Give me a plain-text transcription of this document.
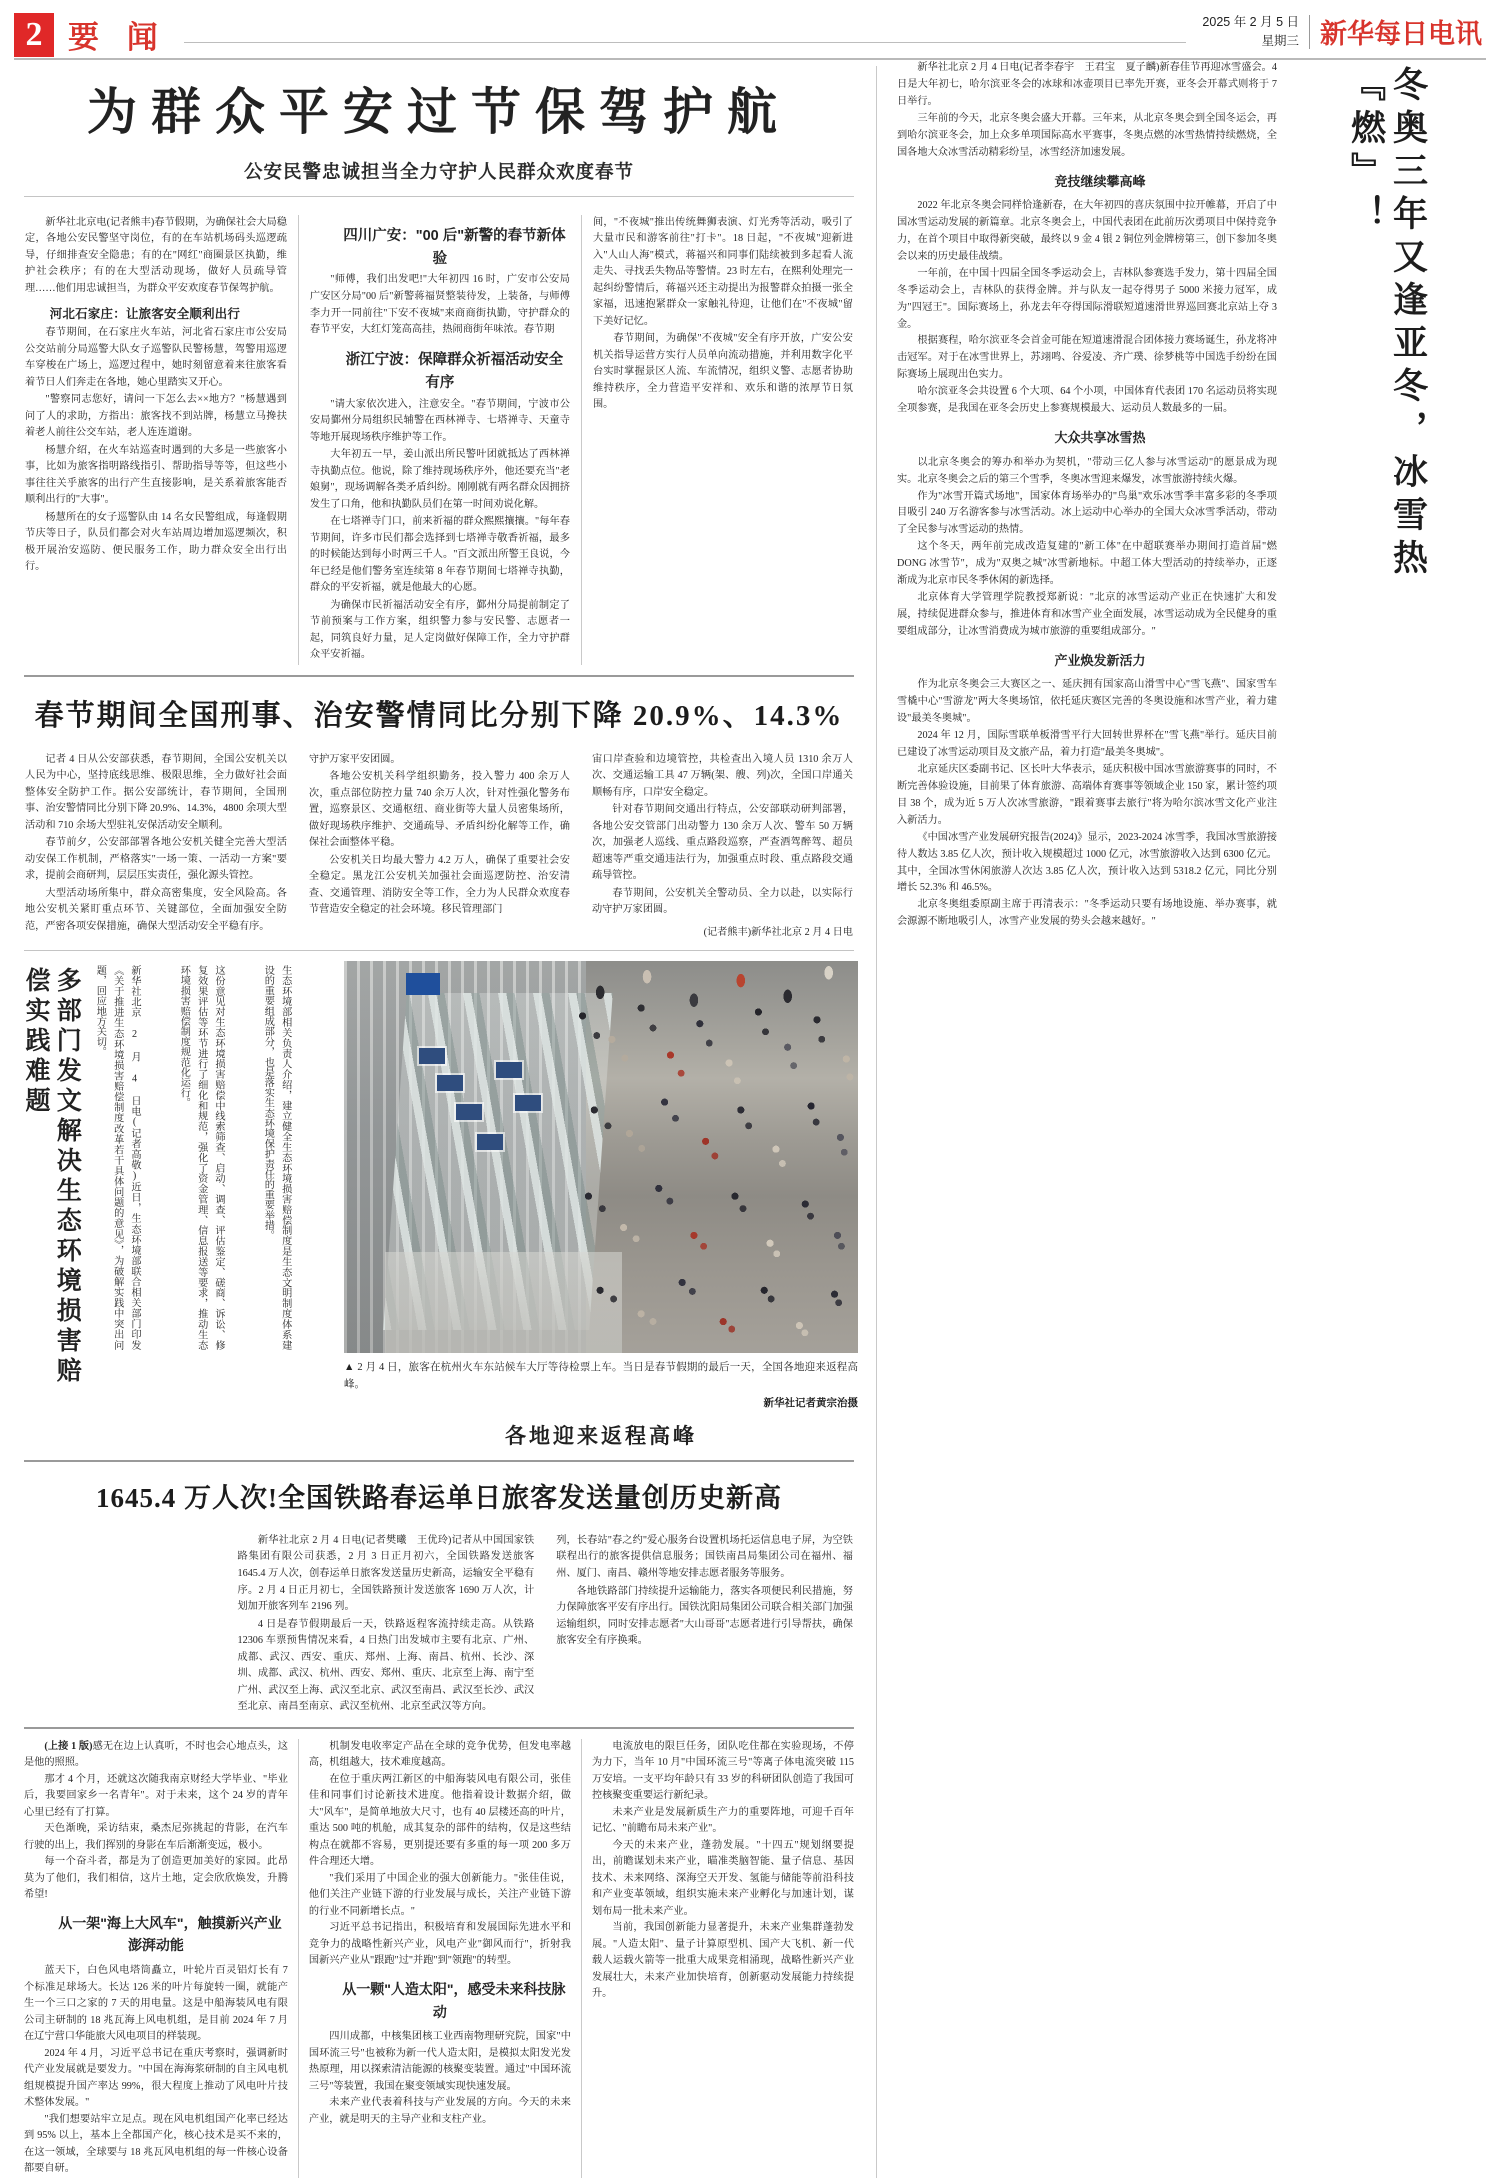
2 要 闻	2025 年 2 月 5 日
星期三 新华每日电讯
为群众平安过节保驾护航
公安民警忠诚担当全力守护人民群众欢度春节

新华社北京电(记者熊丰)春节假期，为确保社会大局稳定，各地公安民警坚守岗位，有的在车站机场码头巡逻疏导，仔细排查安全隐患；有的在"网红"商圈景区执勤，维护社会秩序；有的在大型活动现场，做好人员疏导管理……他们用忠诚担当，为群众平安欢度春节保驾护航。

河北石家庄：让旅客安全顺利出行

春节期间，在石家庄火车站，河北省石家庄市公安局公交站前分局巡警大队女子巡警队民警杨慧，驾警用巡逻车穿梭在广场上，巡逻过程中，她时刻留意着来往旅客看着节日人们奔走在各地，她心里踏实又开心。

"警察同志您好，请问一下怎么去××地方？"杨慧遇到问了人的求助，方指出：旅客找不到站牌，杨慧立马搀扶着老人前往公交车站，老人连连道谢。

杨慧介绍，在火车站巡查时遇到的大多是一些旅客小事，比如为旅客指明路线指引、帮助指导等等，但这些小事往往关乎旅客的出行产生直接影响，是关系着旅客能否顺利出行的"大事"。

杨慧所在的女子巡警队由 14 名女民警组成，每逢假期节庆等日子，队员们都会对火车站周边增加巡逻频次，积极开展治安巡防、便民服务工作，助力群众安全出行出行。

四川广安："00 后"新警的春节新体验

"师傅，我们出发吧!"大年初四 16 时，广安市公安局广安区分局"00 后"新警蒋福贤整装待发，上装备，与师傅李力开一同前往"下安不夜城"来商商街执勤，守护群众的春节平安，大红灯笼高高挂，热闹商街年味浓。春节期

浙江宁波：保障群众祈福活动安全有序

"请大家依次进入，注意安全。"春节期间，宁波市公安局鄞州分局组织民辅警在西林禅寺、七塔禅寺、天童寺等地开展现场秩序维护等工作。

大年初五一早，姜山派出所民警叶团就抵达了西林禅寺执勤点位。他说，除了维持现场秩序外，他还要充当"老娘舅"，现场调解各类矛盾纠纷。刚刚就有两名群众因拥挤发生了口角，他和执勤队员们在第一时间劝说化解。

在七塔禅寺门口，前来祈福的群众熙熙攘攘。"每年春节期间，许多市民们都会选择到七塔禅寺敬香祈福，最多的时候能达到每小时两三千人。"百文派出所警王良说，今年已经是他们警务室连续第 8 年春节期间七塔禅寺执勤，群众的平安祈福，就是他最大的心愿。

为确保市民祈福活动安全有序，鄞州分局提前制定了节前预案与工作方案，组织警力参与安民警、志愿者一起，同筑良好力量，足人定岗做好保障工作，全力守护群众平安祈福。

间，"不夜城"推出传统舞狮表演、灯光秀等活动，吸引了大量市民和游客前往"打卡"。18 日起，"不夜城"迎新进入"人山人海"模式，蒋福兴和同事们陆续被到多起看人流走失、寻找丢失物品等警情。23 时左右，在熙利处理完一起纠纷警情后，蒋福兴还主动提出为报警群众拍摄一张全家福，迅速抱紧群众一家触礼待迎，让他们在"不夜城"留下美好记忆。

春节期间，为确保"不夜城"安全有序开放，广安公安机关指导运营方实行人员单向流动措施，并利用数字化平台实时掌握景区人流、车流情况，组织义警、志愿者协助维持秩序，全力营造平安祥和、欢乐和谐的浓厚节日氛围。

春节期间全国刑事、治安警情同比分别下降 20.9%、14.3%

记者 4 日从公安部获悉，春节期间，全国公安机关以人民为中心，坚持底线思维、极限思维，全力做好社会面整体安全防护工作。据公安部统计，春节期间，全国刑事、治安警情同比分别下降 20.9%、14.3%，4800 余项大型活动和 710 余场大型驻礼安保活动安全顺利。

春节前夕，公安部部署各地公安机关健全完善大型活动安保工作机制，严格落实"一场一策、一活动一方案"要求，提前会商研判，层层压实责任，强化源头管控。

大型活动场所集中，群众高密集度，安全风险高。各地公安机关紧盯重点环节、关键部位，全面加强安全防范，严密各项安保措施，确保大型活动安全平稳有序。

守护万家平安团圆。

各地公安机关科学组织勤务，投入警力 400 余万人次，重点部位防控力量 740 余万人次，针对性强化警务布置，巡察景区、交通枢纽、商业街等大量人员密集场所，做好现场秩序维护、交通疏导、矛盾纠纷化解等工作，确保社会面整体平稳。

公安机关日均最大警力 4.2 万人，确保了重要社会安全稳定。黑龙江公安机关加强社会面巡逻防控、治安清查、交通管理、消防安全等工作，全力为人民群众欢度春节营造安全稳定的社会环境。移民管理部门

宙口岸查验和边境管控，共检查出入境人员 1310 余万人次、交通运输工具 47 万辆(架、艘、列)次，全国口岸通关顺畅有序，口岸安全稳定。

针对春节期间交通出行特点，公安部联动研判部署，各地公安交管部门出动警力 130 余万人次、警车 50 万辆次，加强老人巡线、重点路段巡察，严查酒驾醉驾、超员超速等严重交通违法行为，加强重点时段、重点路段交通疏导管控。

春节期间，公安机关全警动员、全力以赴，以实际行动守护万家团圆。

(记者熊丰)新华社北京 2 月 4 日电

多部门发文解决生态环境损害赔偿实践难题	新华社北京 2 月 4 日电(记者高敬)近日，生态环境部联合相关部门印发《关于推进生态环境损害赔偿制度改革若干具体问题的意见》，为破解实践中突出问题，回应地方关切。	这份意见对生态环境损害赔偿中线索筛查、启动、调查、评估鉴定、磋商、诉讼、修复效果评估等环节进行了细化和规范，强化了资金管理、信息报送等要求，推动生态环境损害赔偿制度规范化运行。	生态环境部相关负责人介绍，建立健全生态环境损害赔偿制度是生态文明制度体系建设的重要组成部分，也是落实生态环境保护责任的重要举措。
▲ 2 月 4 日，旅客在杭州火车东站候车大厅等待检票上车。当日是春节假期的最后一天，全国各地迎来返程高峰。
新华社记者黄宗治摄
各地迎来返程高峰
1645.4 万人次!全国铁路春运单日旅客发送量创历史新高

新华社北京 2 月 4 日电(记者樊曦　王优玲)记者从中国国家铁路集团有限公司获悉，2 月 3 日正月初六，全国铁路发送旅客 1645.4 万人次，创春运单日旅客发送量历史新高，运输安全平稳有序。2 月 4 日正月初七，全国铁路预计发送旅客 1690 万人次，计划加开旅客列车 2196 列。

4 日是春节假期最后一天，铁路返程客流持续走高。从铁路 12306 车票预售情况来看，4 日热门出发城市主要有北京、广州、成都、武汉、西安、重庆、郑州、上海、南昌、杭州、长沙、深圳、成都、武汉、杭州、西安、郑州、重庆、北京至上海、南宁至广州、武汉至上海、武汉至北京、武汉至南昌、武汉至长沙、武汉至北京、南昌至南京、武汉至杭州、北京至武汉等方向。

列，长春站"春之约"爱心服务台设置机场托运信息电子屏，为空铁联程出行的旅客提供信息服务；国铁南昌局集团公司在福州、福州、厦门、南昌、赣州等地安排志愿者服务等服务。

各地铁路部门持续提升运输能力，落实各项便民利民措施，努力保障旅客平安有序出行。国铁沈阳局集团公司联合相关部门加强运输组织，同时安排志愿者"大山哥哥"志愿者进行引导帮扶，确保旅客安全有序换乘。

(上接 1 版)感无在边上认真听，不时也会心地点头，这是他的照照。

那才 4 个月，还就这次随我南京财经大学毕业、"毕业后，我要回家乡一名青年"。对于未来，这个 24 岁的青年心里已经有了打算。

天色渐晚，采访结束，桑杰尼弥挑起的背影，在汽车行驶的出上，我们挥别的身影在车后渐渐变远，极小。

每一个奋斗者，都是为了创造更加美好的家园。此昂莫为了他们，我们相信，这片土地，定会欣欣焕发，升腾希望!

从一架"海上大风车"，触摸新兴产业澎湃动能

蓝天下，白色风电塔筒矗立，叶轮片百灵铝灯长有 7 个标准足球场大。长达 126 米的叶片每旋转一圈，就能产生一个三口之家的 7 天的用电量。这是中船海装风电有限公司主研制的 18 兆瓦海上风电机组，是目前 2024 年 7 月在辽宁营口华能旅大风电项目的样装现。

2024 年 4 月，习近平总书记在重庆考察时，强调新时代产业发展就是要发力。"中国在海海浆研制的自主风电机组规模提升国产率达 99%，很大程度上推动了风电叶片技术整体发展。"

"我们想要站牢立足点。现在风电机组国产化率已经达到 95% 以上，基本上全都国产化，核心技术是买不来的，在这一领域，全球要与 18 兆瓦风电机组的每一件核心设备都要自研。

机制发电收率定产品在全球的竞争优势，但发电率越高，机组越大，技术难度越高。

在位于重庆两江新区的中船海装风电有限公司，张佳佳和同事们讨论新技术进度。他指着设计数据介绍，做大"风车"，是简单地放大尺寸，也有 40 层楼还高的叶片，重达 500 吨的机舱，成其复杂的部件的结构，仅是这些结构点在就都不容易，更别提还要有多重的每一项 200 多万件合理还大增。

"我们采用了中国企业的强大创新能力。"张佳佳说，他们关注产业链下游的行业发展与成长，关注产业链下游的行业不同新增长点。"

习近平总书记指出，积极培育和发展国际先进水平和竞争力的战略性新兴产业，风电产业"御风而行"，折射我国新兴产业从"跟跑"过"并跑"到"领跑"的转型。

从一颗"人造太阳"，感受未来科技脉动

四川成都，中核集团核工业西南物理研究院，国家"中国环流三号"也被称为新一代人造太阳，是模拟太阳发光发热原理，用以探索清洁能源的核聚变装置。通过"中国环流三号"等装置，我国在聚变领域实现快速发展。

未来产业代表着科技与产业发展的方向。今天的未来产业，就是明天的主导产业和支柱产业。

电流放电的限巨任务，团队吃住都在实验现场，不停为力下，当年 10 月"中国环流三号"等离子体电流突破 115 万安培。一支平均年龄只有 33 岁的科研团队创造了我国可控核聚变重要运行新纪录。

未来产业是发展新质生产力的重要阵地，可迎千百年记忆、"前瞻布局未来产业"。

今天的未来产业，蓬勃发展。"十四五"规划纲要提出，前瞻谋划未来产业，瞄准类脑智能、量子信息、基因技术、未来网络、深海空天开发、氢能与储能等前沿科技和产业变革领域，组织实施未来产业孵化与加速计划，谋划布局一批未来产业。

当前，我国创新能力显著提升，未来产业集群蓬勃发展。"人造太阳"、量子计算原型机、国产大飞机、新一代载人运载火箭等一批重大成果竞相涌现，战略性新兴产业发展壮大，未来产业加快培育，创新驱动发展能力持续提升。

新华社北京 2 月 4 日电(记者李春宇　王君宝　夏子麟)新春佳节再迎冰雪盛会。4 日是大年初七，哈尔滨亚冬会的冰球和冰壶项目已率先开赛，亚冬会开幕式则将于 7 日举行。

三年前的今天，北京冬奥会盛大开幕。三年来，从北京冬奥会到全国冬运会，再到哈尔滨亚冬会，加上众多单项国际高水平赛事，冬奥点燃的冰雪热情持续燃烧，全国各地大众冰雪活动精彩纷呈，冰雪经济加速发展。

竞技继续攀高峰

2022 年北京冬奥会同样恰逢新春，在大年初四的喜庆氛围中拉开帷幕，开启了中国冰雪运动发展的新篇章。北京冬奥会上，中国代表团在此前历次勇项目中保持竞争力，在首个项目中取得新突破，最终以 9 金 4 银 2 铜位列金牌榜第三，创下参加冬奥会以来的历史最佳战绩。

一年前，在中国十四届全国冬季运动会上，吉林队参赛选手发力，第十四届全国冬季运动会上，吉林队的获得金牌。并与队友一起夺得男子 5000 米接力冠军，成为"四冠王"。国际赛场上，孙龙去年夺得国际滑联短道速滑世界巡回赛北京站上夺 3 金。

根据赛程，哈尔滨亚冬会首金可能在短道速滑混合团体接力赛场诞生，孙龙将冲击冠军。对于在冰雪世界上，苏翊鸣、谷爱凌、齐广璞、徐梦桃等中国选手纷纷在国际赛场上展现出色实力。

哈尔滨亚冬会共设置 6 个大项、64 个小项，中国体育代表团 170 名运动员将实现全项参赛，是我国在亚冬会历史上参赛规模最大、运动员人数最多的一届。

大众共享冰雪热

以北京冬奥会的筹办和举办为契机，"带动三亿人参与冰雪运动"的愿景成为现实。北京冬奥会之后的第三个雪季，冬奥冰雪迎来爆发，冰雪旅游持续火爆。

作为"冰雪开篇式场地"，国家体育场举办的"鸟巢"欢乐冰雪季丰富多彩的冬季项目吸引 240 万名游客参与冰雪活动。冰上运动中心举办的全国大众冰雪季活动，带动了全民参与冰雪运动的热情。

这个冬天，两年前完成改造复建的"新工体"在中超联赛举办期间打造首届"燃 DONG 冰雪节"，成为"双奥之城"冰雪新地标。中超工体大型活动的持续举办，正逐渐成为北京市民冬季休闲的新选择。

北京体育大学管理学院教授郑新说："北京的冰雪运动产业正在快速扩大和发展，持续促进群众参与，推进体育和冰雪产业全面发展，冰雪运动成为全民健身的重要组成部分，让冰雪消费成为城市旅游的重要组成部分。"

产业焕发新活力

作为北京冬奥会三大赛区之一、延庆拥有国家高山滑雪中心"雪飞燕"、国家雪车雪橇中心"雪游龙"两大冬奥场馆，依托延庆赛区完善的冬奥设施和冰雪产业，着力建设"最美冬奥城"。

2024 年 12 月，国际雪联单板滑雪平行大回转世界杯在"雪飞燕"举行。延庆目前已建设了冰雪运动项目及文旅产品，着力打造"最美冬奥城"。

北京延庆区委副书记、区长叶大华表示，延庆积极中国冰雪旅游赛事的同时，不断完善体验设施，目前果了体育旅游、高端体育赛事等领域企业 150 家，累计签约项目 38 个，成为近 5 万人次冰雪旅游，"跟着赛事去旅行"将为哈尔滨冰雪文化产业注入新活力。

《中国冰雪产业发展研究报告(2024)》显示，2023-2024 冰雪季，我国冰雪旅游接待人数达 3.85 亿人次，预计收入规模超过 1000 亿元，冰雪旅游收入达到 6300 亿元。其中，全国冰雪休闲旅游人次达 3.85 亿人次，预计收入达到 5318.2 亿元，同比分别增长 52.3% 和 46.5%。

北京冬奥组委原副主席于再清表示："冬季运动只要有场地设施、举办赛事，就会源源不断地吸引人，冰雪产业发展的势头会越来越好。"

冬奥三年又逢亚冬，冰雪热『燃』！
